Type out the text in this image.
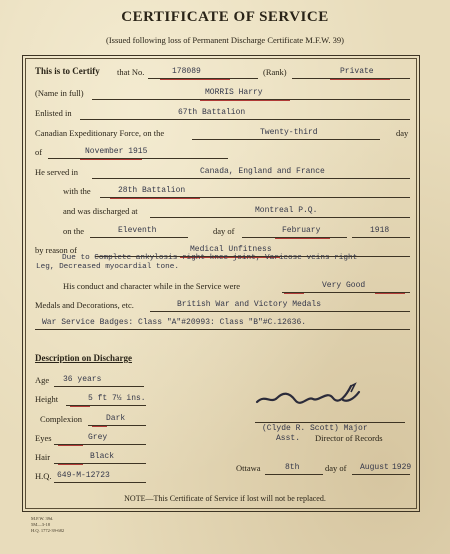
CERTIFICATE OF SERVICE
(Issued following loss of Permanent Discharge Certificate M.F.W. 39)
This is to Certify that No.	178089	(Rank)	Private
(Name in full)	MORRIS Harry
Enlisted in	67th Battalion
Canadian Expeditionary Force, on the	Twenty-third	day
of	November 1915
He served in	Canada, England and France
with the	28th Battalion
and was discharged at	Montreal P.Q.
on the	Eleventh	day of	February	1918
by reason of	Medical Unfitness
Due to Complete ankylosis right knee joint, Varicose veins right
Leg, Decreased myocardial tone.
His conduct and character while in the Service were	Very Good
Medals and Decorations, etc.	British War and Victory Medals
War Service Badges: Class "A"#20993: Class "B"#C.12636.
Description on Discharge
Age 36 years
Height	5 ft 7½ ins.
Complexion	Dark
Eyes	Grey
Hair	Black
H.Q. 649-M-12723
(Clyde R. Scott) Major
Asst. Director of Records
Ottawa	8th	day of August 1929
NOTE—This Certificate of Service if lost will not be replaced.
M.F.W. 39d.
5M—3-18
H.Q. 1772-39-682
